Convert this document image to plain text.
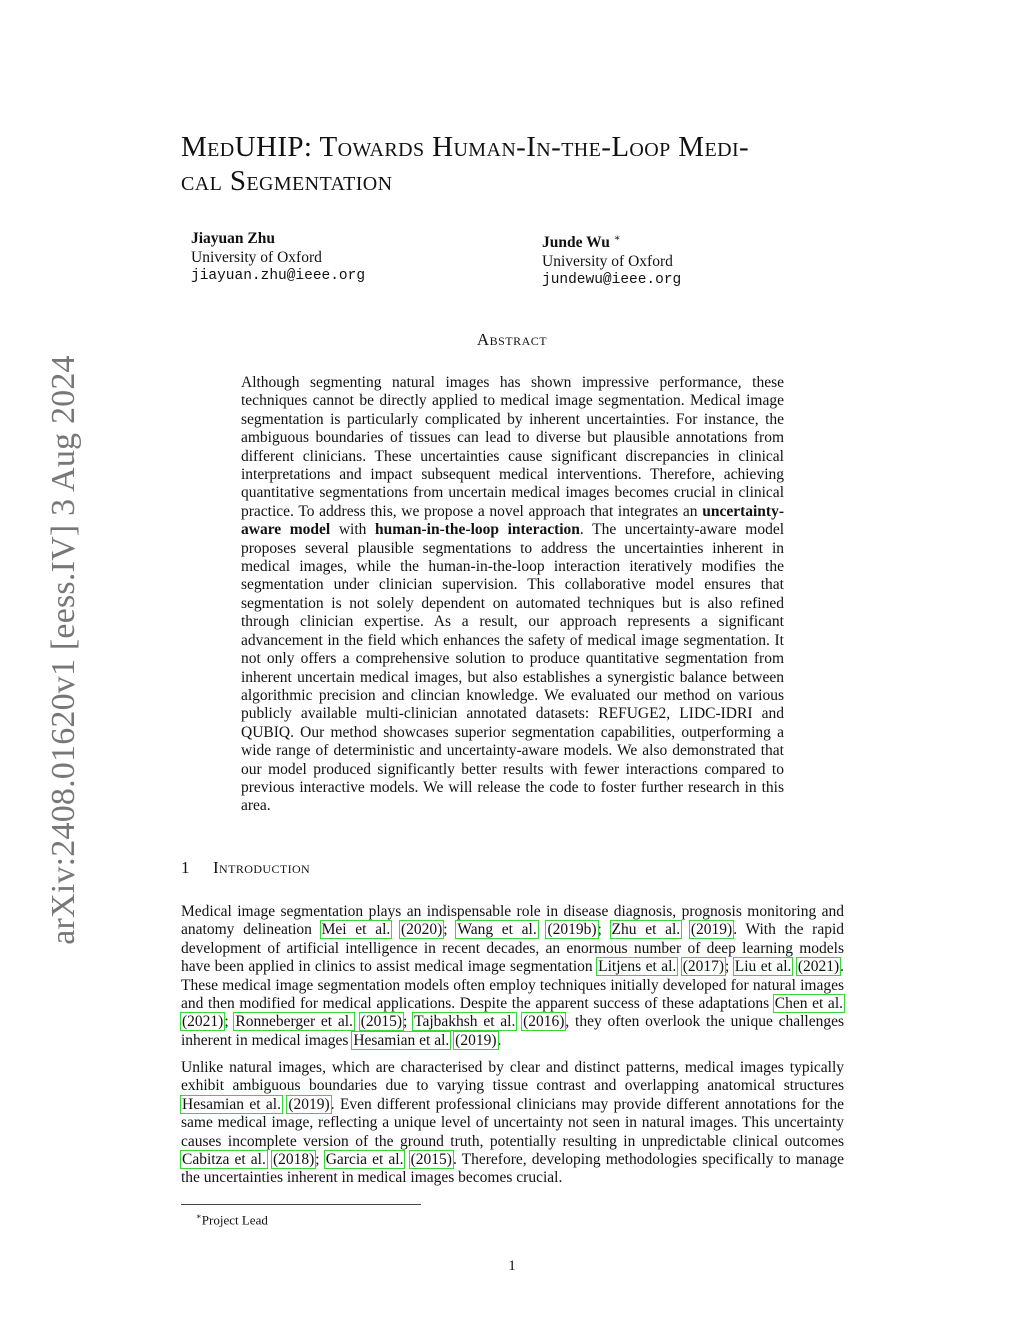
arXiv:2408.01620v1 [eess.IV] 3 Aug 2024
MedUHIP: Towards Human-In-the-Loop Medi-
cal Segmentation
Jiayuan Zhu
University of Oxford
jiayuan.zhu@ieee.org
Junde Wu ∗
University of Oxford
jundewu@ieee.org
Abstract
Although segmenting natural images has shown impressive performance, these techniques cannot be directly applied to medical image segmentation. Medical image segmentation is particularly complicated by inherent uncertainties. For instance, the ambiguous boundaries of tissues can lead to diverse but plausible annotations from different clinicians. These uncertainties cause significant discrepancies in clinical interpretations and impact subsequent medical interventions. Therefore, achieving quantitative segmentations from uncertain medical images becomes crucial in clinical practice. To address this, we propose a novel approach that integrates an uncertainty-aware model with human-in-the-loop interaction. The uncertainty-aware model proposes several plausible segmentations to address the uncertainties inherent in medical images, while the human-in-the-loop interaction iteratively modifies the segmentation under clinician supervision. This collaborative model ensures that segmentation is not solely dependent on automated techniques but is also refined through clinician expertise. As a result, our approach represents a significant advancement in the field which enhances the safety of medical image segmentation. It not only offers a comprehensive solution to produce quantitative segmentation from inherent uncertain medical images, but also establishes a synergistic balance between algorithmic precision and clincian knowledge. We evaluated our method on various publicly available multi-clinician annotated datasets: REFUGE2, LIDC-IDRI and QUBIQ. Our method showcases superior segmentation capabilities, outperforming a wide range of deterministic and uncertainty-aware models. We also demonstrated that our model produced significantly better results with fewer interactions compared to previous interactive models. We will release the code to foster further research in this area.
1 Introduction
Medical image segmentation plays an indispensable role in disease diagnosis, prognosis monitoring and anatomy delineation Mei et al. (2020); Wang et al. (2019b); Zhu et al. (2019). With the rapid development of artificial intelligence in recent decades, an enormous number of deep learning models have been applied in clinics to assist medical image segmentation Litjens et al. (2017); Liu et al. (2021). These medical image segmentation models often employ techniques initially developed for natural images and then modified for medical applications. Despite the apparent success of these adaptations Chen et al. (2021); Ronneberger et al. (2015); Tajbakhsh et al. (2016), they often overlook the unique challenges inherent in medical images Hesamian et al. (2019).
Unlike natural images, which are characterised by clear and distinct patterns, medical images typically exhibit ambiguous boundaries due to varying tissue contrast and overlapping anatomical structures Hesamian et al. (2019). Even different professional clinicians may provide different annotations for the same medical image, reflecting a unique level of uncertainty not seen in natural images. This uncertainty causes incomplete version of the ground truth, potentially resulting in unpredictable clinical outcomes Cabitza et al. (2018); Garcia et al. (2015). Therefore, developing methodologies specifically to manage the uncertainties inherent in medical images becomes crucial.
∗Project Lead
1
